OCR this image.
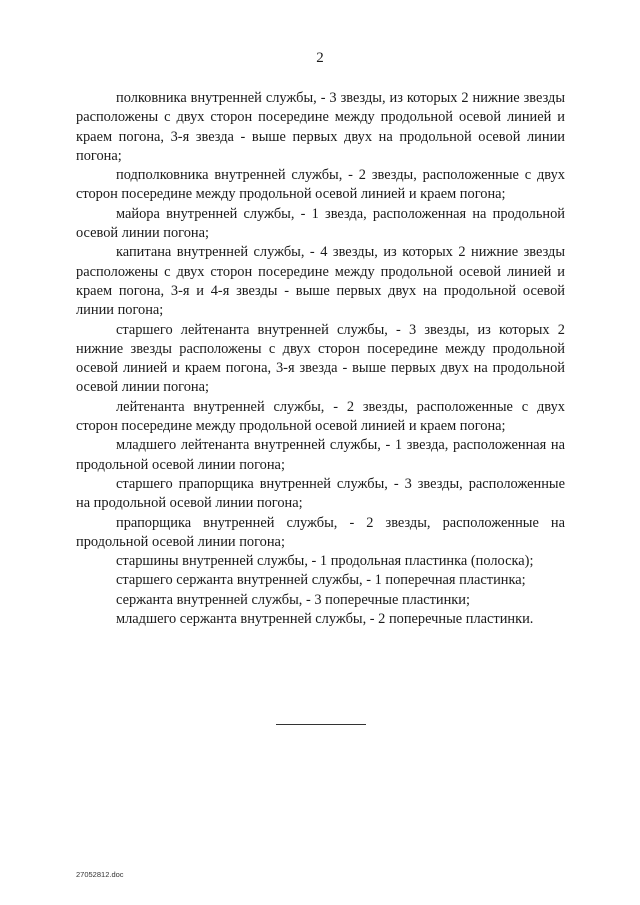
2

полковника внутренней службы, - 3 звезды, из которых 2 нижние звезды расположены с двух сторон посередине между продольной осевой линией и краем погона, 3-я звезда - выше первых двух на продольной осевой линии погона;

подполковника внутренней службы, - 2 звезды, расположенные с двух сторон посередине между продольной осевой линией и краем погона;

майора внутренней службы, - 1 звезда, расположенная на продольной осевой линии погона;

капитана внутренней службы, - 4 звезды, из которых 2 нижние звезды расположены с двух сторон посередине между продольной осевой линией и краем погона, 3-я и 4-я звезды - выше первых двух на продольной осевой линии погона;

старшего лейтенанта внутренней службы, - 3 звезды, из которых 2 нижние звезды расположены с двух сторон посередине между продольной осевой линией и краем погона, 3-я звезда - выше первых двух на продольной осевой линии погона;

лейтенанта внутренней службы, - 2 звезды, расположенные с двух сторон посередине между продольной осевой линией и краем погона;

младшего лейтенанта внутренней службы, - 1 звезда, расположенная на продольной осевой линии погона;

старшего прапорщика внутренней службы, - 3 звезды, расположенные на продольной осевой линии погона;

прапорщика внутренней службы, - 2 звезды, расположенные на продольной осевой линии погона;

старшины внутренней службы, - 1 продольная пластинка (полоска);

старшего сержанта внутренней службы, - 1 поперечная пластинка;

сержанта внутренней службы, - 3 поперечные пластинки;

младшего сержанта внутренней службы, - 2 поперечные пластинки.

27052812.doc
